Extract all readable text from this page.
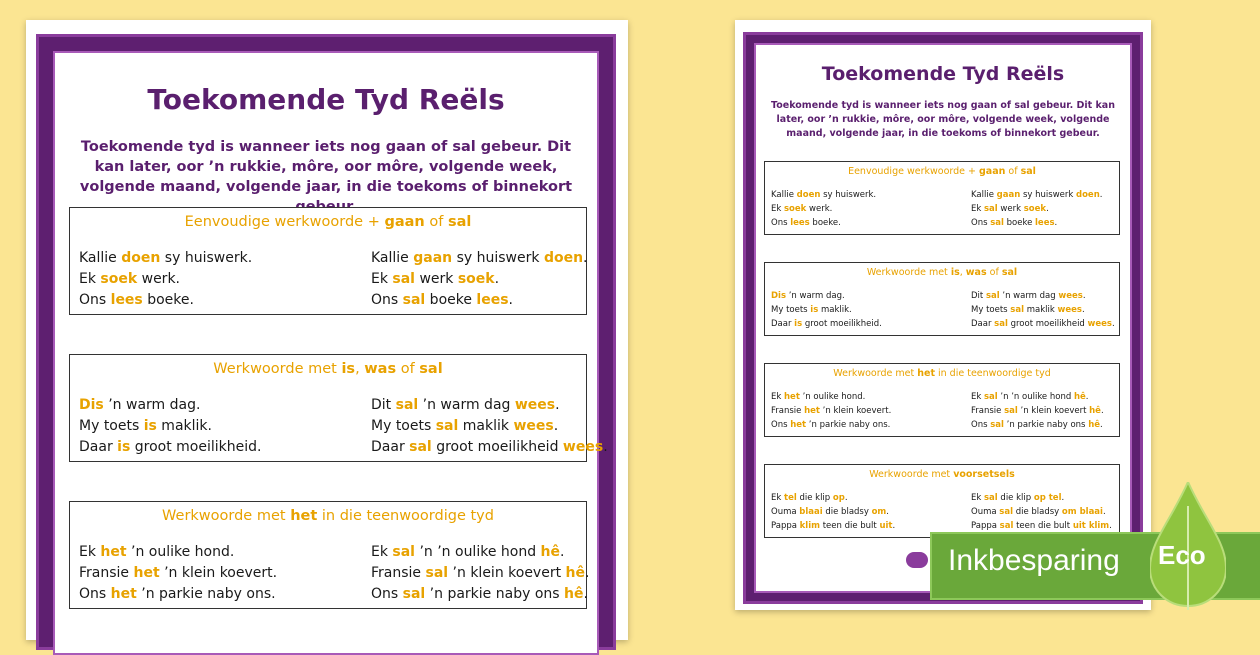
Toekomende Tyd Reëls
Toekomende tyd is wanneer iets nog gaan of sal gebeur. Dit kan later, oor ’n rukkie, môre, oor môre, volgende week, volgende maand, volgende jaar, in die toekoms of binnekort
Eenvoudige werkwoorde + gaan of sal
Kallie doen sy huiswerk.
Ek soek werk.
Ons lees boeke.
Kallie gaan sy huiswerk doen.
Ek sal werk soek.
Ons sal boeke lees.
Werkwoorde met is, was of sal
Dis ’n warm dag.
My toets is maklik.
Daar is groot moeilikheid.
Dit sal ’n warm dag wees.
My toets sal maklik wees.
Daar sal groot moeilikheid wees.
Werkwoorde met het in die teenwoordige tyd
Ek het ’n oulike hond.
Fransie het ’n klein koevert.
Ons het ’n parkie naby ons.
Ek sal ’n ’n oulike hond hê.
Fransie sal ’n klein koevert hê.
Ons sal ’n parkie naby ons hê.
Toekomende Tyd Reëls
Toekomende tyd is wanneer iets nog gaan of sal gebeur. Dit kan later, oor ’n rukkie, môre, oor môre, volgende week, volgende maand, volgende jaar, in die toekoms of binnekort gebeur.
Eenvoudige werkwoorde + gaan of sal
Kallie doen sy huiswerk.
Ek soek werk.
Ons lees boeke.
Kallie gaan sy huiswerk doen.
Ek sal werk soek.
Ons sal boeke lees.
Werkwoorde met is, was of sal
Dis ’n warm dag.
My toets is maklik.
Daar is groot moeilikheid.
Dit sal ’n warm dag wees.
My toets sal maklik wees.
Daar sal groot moeilikheid wees.
Werkwoorde met het in die teenwoordige tyd
Ek het ’n oulike hond.
Fransie het ’n klein koevert.
Ons het ’n parkie naby ons.
Ek sal ’n ’n oulike hond hê.
Fransie sal ’n klein koevert hê.
Ons sal ’n parkie naby ons hê.
Werkwoorde met voorsetsels
Ek tel die klip op.
Ouma blaai die bladsy om.
Pappa klim teen die bult uit.
Ek sal die klip op tel.
Ouma sal die bladsy om blaai.
Pappa sal teen die bult uit klim.
Inkbesparing Eco
